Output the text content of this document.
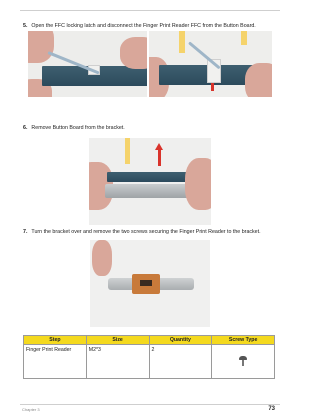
5. Open the FFC locking latch and disconnect the Finger Print Reader FFC from the Button Board.
6. Remove Button Board from the bracket.
7. Turn the bracket over and remove the two screws securing the Finger Print Reader to the bracket.
Step	Size	Quantity	Screw Type
Finger Print Reader	M2*3	2	
Chapter 3	73
